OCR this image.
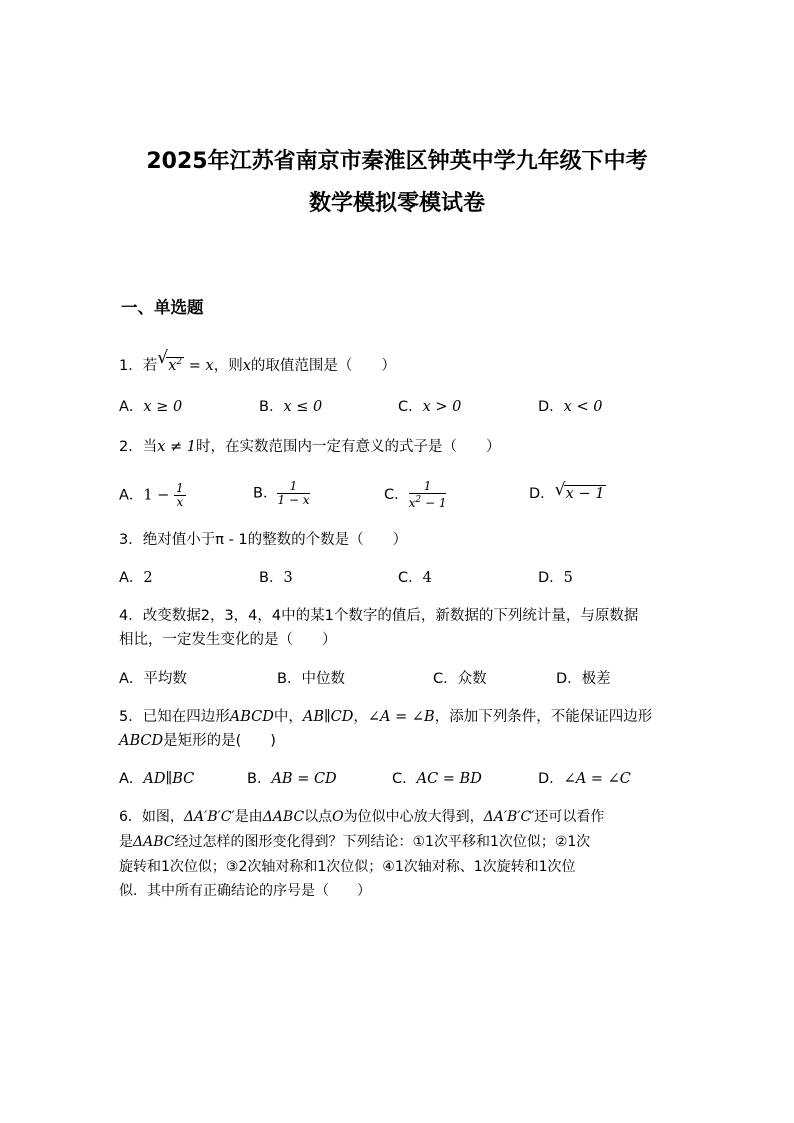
2025年江苏省南京市秦淮区钟英中学九年级下中考
数学模拟零模试卷
一、单选题
1．若 √ $x^2 = x$，则x的取值范围是（　　）
A．x ≥ 0	B．x ≤ 0	C．x > 0	D．x < 0
2．当x ≠ 1时，在实数范围内一定有意义的式子是（　　）
A．$1 - \frac{1}{x}$	B． $\frac{1}{1 - x}$	C． $\frac{1}{x^2 - 1}$	D． √ x − 1
3．绝对值小于π - 1的整数的个数是（　　）
A．2	B．3	C．4	D．5
4．改变数据2，3，4，4中的某1个数字的值后，新数据的下列统计量，与原数据
相比，一定发生变化的是（　　）
A．平均数	B．中位数	C．众数	D．极差
5．已知在四边形ABCD中，AB∥CD，∠A = ∠B，添加下列条件，不能保证四边形
ABCD是矩形的是(　　)
A．AD∥BC	B．AB = CD	C．AC = BD	D．∠A = ∠C
6．如图，ΔA′B′C′是由ΔABC以点O为位似中心放大得到，ΔA′B′C′还可以看作
是ΔABC经过怎样的图形变化得到？下列结论：①1次平移和1次位似；②1次
旋转和1次位似；③2次轴对称和1次位似；④1次轴对称、1次旋转和1次位
似．其中所有正确结论的序号是（　　）
